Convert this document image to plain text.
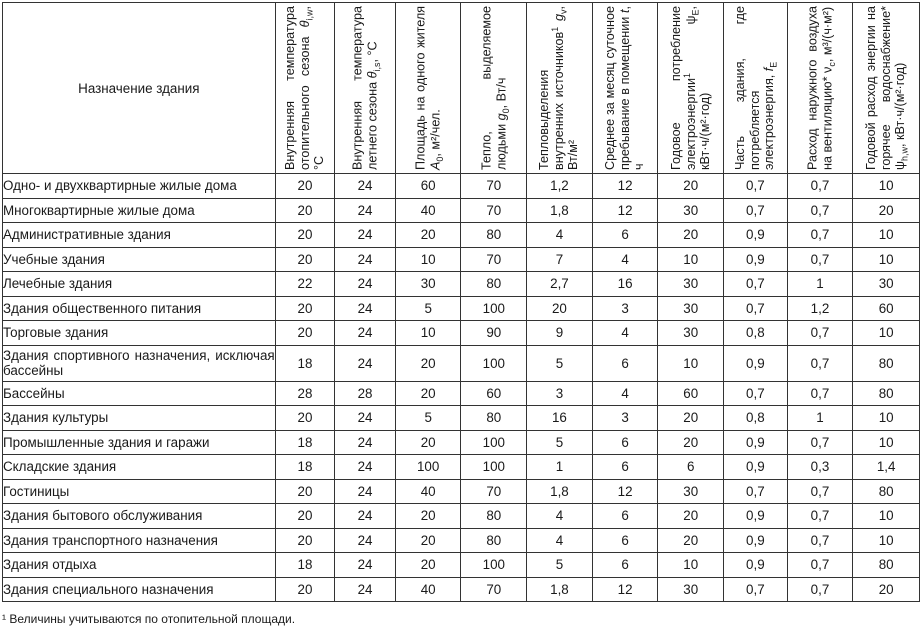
Назначение здания	Внутренняя температура отопительного сезона $\theta_{i,w}$, °C	Внутренняя температура летнего сезона $\theta_{i,s}$, °C	Площадь на одного жителя $A_0$, м²/чел.	Тепло, выделяемое людьми $g_0$, Вт/ч	Тепловыделения внутренних источников$^1$ $g_v$, Вт/м²	Среднее за месяц суточное пребывание в помещении t, ч	Годовое потребление электроэнергии$^1$ $\psi_E$, кВт·ч/(м²·год)	Часть здания, где потребляется электроэнергия, $f_E$	Расход наружного воздуха на вентиляцию* $\nu_c$, м³/(ч·м²)	Годовой расход энергии на горячее водоснабжение* $\psi_{h,w}$, кВт·ч/(м²·год)

Одно- и двухквартирные жилые дома	20	24	60	70	1,2	12	20	0,7	0,7	10
Многоквартирные жилые дома	20	24	40	70	1,8	12	30	0,7	0,7	20
Административные здания	20	24	20	80	4	6	20	0,9	0,7	10
Учебные здания	20	24	10	70	7	4	10	0,9	0,7	10
Лечебные здания	22	24	30	80	2,7	16	30	0,7	1	30
Здания общественного питания	20	24	5	100	20	3	30	0,7	1,2	60
Торговые здания	20	24	10	90	9	4	30	0,8	0,7	10
Здания спортивного назначения, исключая бассейны	18	24	20	100	5	6	10	0,9	0,7	80
Бассейны	28	28	20	60	3	4	60	0,7	0,7	80
Здания культуры	20	24	5	80	16	3	20	0,8	1	10
Промышленные здания и гаражи	18	24	20	100	5	6	20	0,9	0,7	10
Складские здания	18	24	100	100	1	6	6	0,9	0,3	1,4
Гостиницы	20	24	40	70	1,8	12	30	0,7	0,7	80
Здания бытового обслуживания	20	24	20	80	4	6	20	0,9	0,7	10
Здания транспортного назначения	20	24	20	80	4	6	20	0,9	0,7	10
Здания отдыха	18	24	20	100	5	6	10	0,9	0,7	80
Здания специального назначения	20	24	40	70	1,8	12	30	0,7	0,7	20
¹ Величины учитываются по отопительной площади.
